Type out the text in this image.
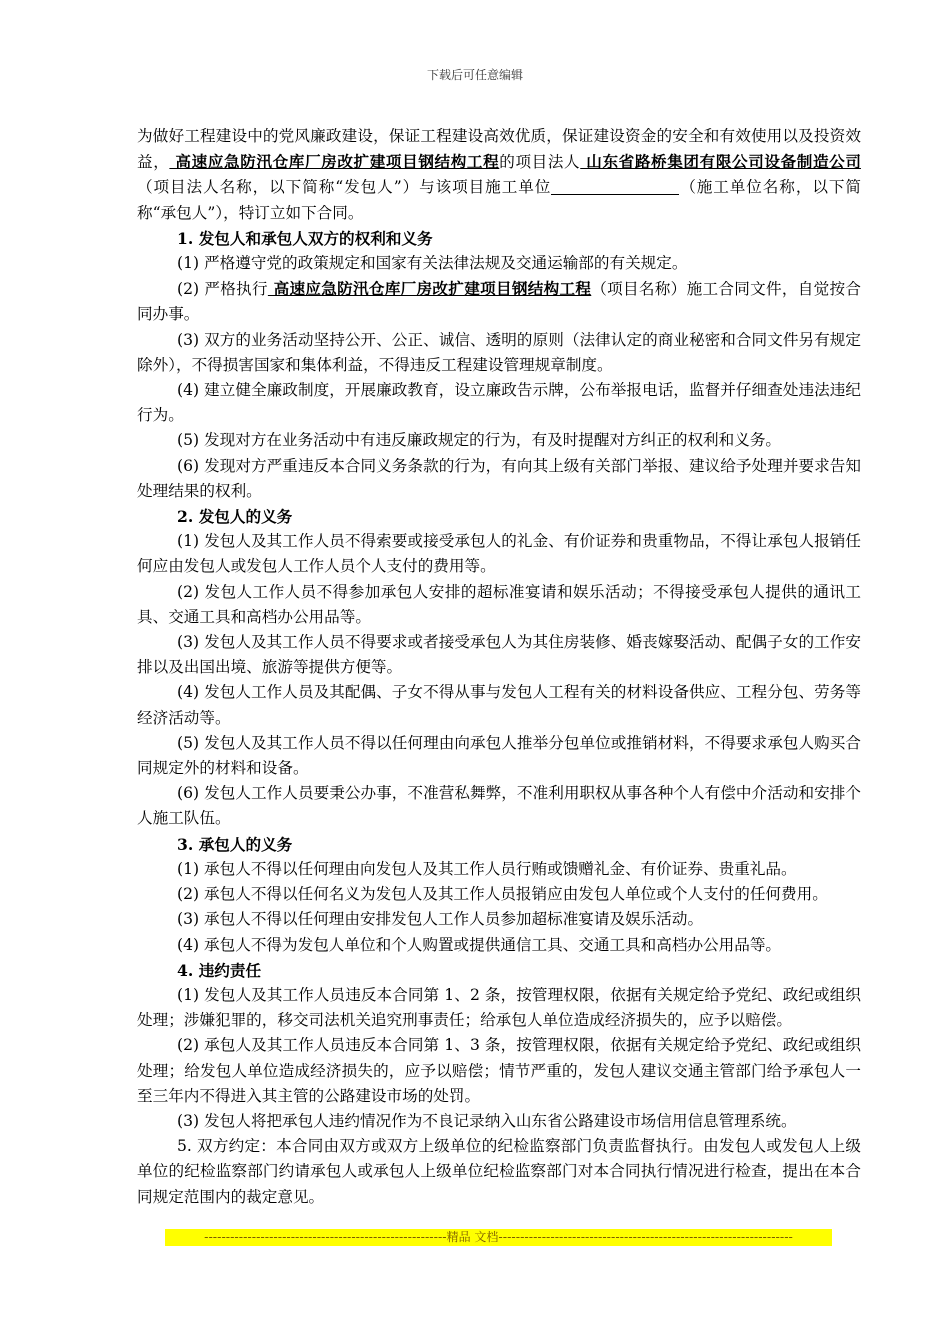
下载后可任意编辑

为做好工程建设中的党风廉政建设，保证工程建设高效优质，保证建设资金的安全和有效使用以及投资效益， 高速应急防汛仓库厂房改扩建项目钢结构工程的项目法人 山东省路桥集团有限公司设备制造公司 （项目法人名称，以下简称“发包人”）与该项目施工单位	（施工单位名称，以下简称“承包人”），特订立如下合同。

1. 发包人和承包人双方的权利和义务

(1) 严格遵守党的政策规定和国家有关法律法规及交通运输部的有关规定。

(2) 严格执行 高速应急防汛仓库厂房改扩建项目钢结构工程（项目名称）施工合同文件，自觉按合同办事。

(3) 双方的业务活动坚持公开、公正、诚信、透明的原则（法律认定的商业秘密和合同文件另有规定除外），不得损害国家和集体利益，不得违反工程建设管理规章制度。

(4) 建立健全廉政制度，开展廉政教育，设立廉政告示牌，公布举报电话，监督并仔细查处违法违纪行为。

(5) 发现对方在业务活动中有违反廉政规定的行为，有及时提醒对方纠正的权利和义务。

(6) 发现对方严重违反本合同义务条款的行为，有向其上级有关部门举报、建议给予处理并要求告知处理结果的权利。

2. 发包人的义务

(1) 发包人及其工作人员不得索要或接受承包人的礼金、有价证券和贵重物品，不得让承包人报销任何应由发包人或发包人工作人员个人支付的费用等。

(2) 发包人工作人员不得参加承包人安排的超标准宴请和娱乐活动；不得接受承包人提供的通讯工具、交通工具和高档办公用品等。

(3) 发包人及其工作人员不得要求或者接受承包人为其住房装修、婚丧嫁娶活动、配偶子女的工作安排以及出国出境、旅游等提供方便等。

(4) 发包人工作人员及其配偶、子女不得从事与发包人工程有关的材料设备供应、工程分包、劳务等经济活动等。

(5) 发包人及其工作人员不得以任何理由向承包人推举分包单位或推销材料，不得要求承包人购买合同规定外的材料和设备。

(6) 发包人工作人员要秉公办事，不准营私舞弊，不准利用职权从事各种个人有偿中介活动和安排个人施工队伍。

3. 承包人的义务

(1) 承包人不得以任何理由向发包人及其工作人员行贿或馈赠礼金、有价证券、贵重礼品。

(2) 承包人不得以任何名义为发包人及其工作人员报销应由发包人单位或个人支付的任何费用。

(3) 承包人不得以任何理由安排发包人工作人员参加超标准宴请及娱乐活动。

(4) 承包人不得为发包人单位和个人购置或提供通信工具、交通工具和高档办公用品等。

4. 违约责任

(1) 发包人及其工作人员违反本合同第 1、2 条，按管理权限，依据有关规定给予党纪、政纪或组织处理；涉嫌犯罪的，移交司法机关追究刑事责任；给承包人单位造成经济损失的，应予以赔偿。

(2) 承包人及其工作人员违反本合同第 1、3 条，按管理权限，依据有关规定给予党纪、政纪或组织处理；给发包人单位造成经济损失的，应予以赔偿；情节严重的，发包人建议交通主管部门给予承包人一至三年内不得进入其主管的公路建设市场的处罚。

(3) 发包人将把承包人违约情况作为不良记录纳入山东省公路建设市场信用信息管理系统。

5. 双方约定：本合同由双方或双方上级单位的纪检监察部门负责监督执行。由发包人或发包人上级单位的纪检监察部门约请承包人或承包人上级单位纪检监察部门对本合同执行情况进行检查，提出在本合同规定范围内的裁定意见。

--------------------------------------------------------精品 文档--------------------------------------------------------------------
